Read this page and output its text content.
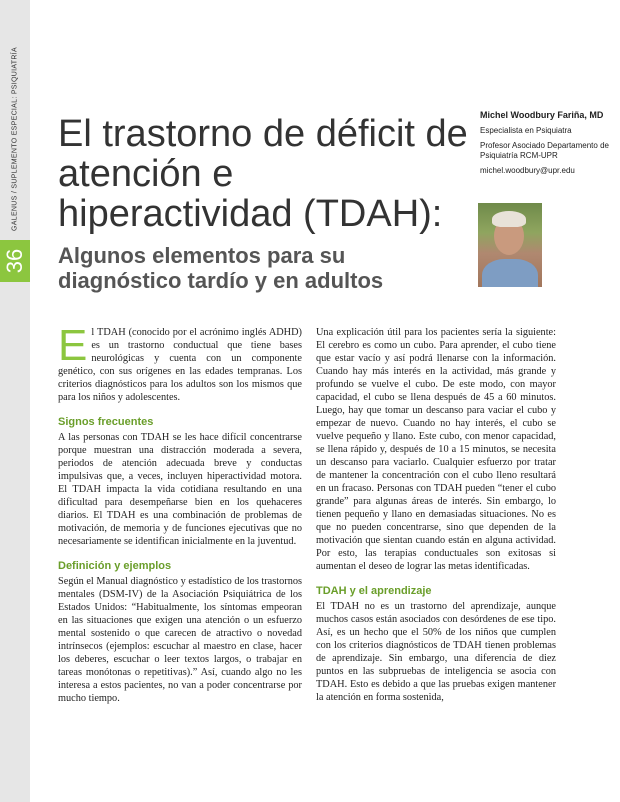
GALENUS / SUPLEMENTO ESPECIAL: PSIQUIATRÍA
36
El trastorno de déficit de atención e hiperactividad (TDAH):
Algunos elementos para su diagnóstico tardío y en adultos

Michel Woodbury Fariña, MD

Especialista en Psiquiatra

Profesor Asociado Departamento de Psiquiatría RCM-UPR

michel.woodbury@upr.edu

El TDAH (conocido por el acrónimo inglés ADHD) es un trastorno conductual que tiene bases neurológicas y cuenta con un componente genético, con sus orígenes en las edades tempranas. Los criterios diagnósticos para los adultos son los mismos que para los niños y adolescentes.

Signos frecuentes

A las personas con TDAH se les hace difícil concentrarse porque muestran una distracción moderada a severa, periodos de atención adecuada breve y conductas impulsivas que, a veces, incluyen hiperactividad motora. El TDAH impacta la vida cotidiana resultando en una dificultad para desempeñarse bien en los quehaceres diarios. El TDAH es una combinación de problemas de motivación, de memoria y de funciones ejecutivas que no necesariamente se identifican inicialmente en la juventud.

Definición y ejemplos

Según el Manual diagnóstico y estadístico de los trastornos mentales (DSM-IV) de la Asociación Psiquiátrica de los Estados Unidos: “Habitualmente, los síntomas empeoran en las situaciones que exigen una atención o un esfuerzo mental sostenido o que carecen de atractivo o novedad intrínsecos (ejemplos: escuchar al maestro en clase, hacer los deberes, escuchar o leer textos largos, o trabajar en tareas monótonas o repetitivas).” Así, cuando algo no les interesa a estos pacientes, no van a poder concentrarse por mucho tiempo.

Una explicación útil para los pacientes sería la siguiente: El cerebro es como un cubo. Para aprender, el cubo tiene que estar vacío y así podrá llenarse con la información. Cuando hay más interés en la actividad, más grande y profundo se vuelve el cubo. De este modo, con mayor capacidad, el cubo se llena después de 45 a 60 minutos. Luego, hay que tomar un descanso para vaciar el cubo y empezar de nuevo. Cuando no hay interés, el cubo se vuelve pequeño y llano. Este cubo, con menor capacidad, se llena rápido y, después de 10 a 15 minutos, se necesita un descanso para vaciarlo. Cualquier esfuerzo por tratar de mantener la concentración con el cubo lleno resultará en un fracaso. Personas con TDAH pueden “tener el cubo grande” para algunas áreas de interés. Sin embargo, lo tienen pequeño y llano en demasiadas situaciones. No es que no pueden concentrarse, sino que dependen de la motivación que sientan cuando están en alguna actividad. Por esto, las terapias conductuales son exitosas si aumentan el deseo de lograr las metas identificadas.

TDAH y el aprendizaje

El TDAH no es un trastorno del aprendizaje, aunque muchos casos están asociados con desórdenes de ese tipo. Así, es un hecho que el 50% de los niños que cumplen con los criterios diagnósticos de TDAH tienen problemas de aprendizaje. Sin embargo, una diferencia de diez puntos en las subpruebas de inteligencia se asocia con TDAH. Esto es debido a que las pruebas exigen mantener la atención en forma sostenida,
